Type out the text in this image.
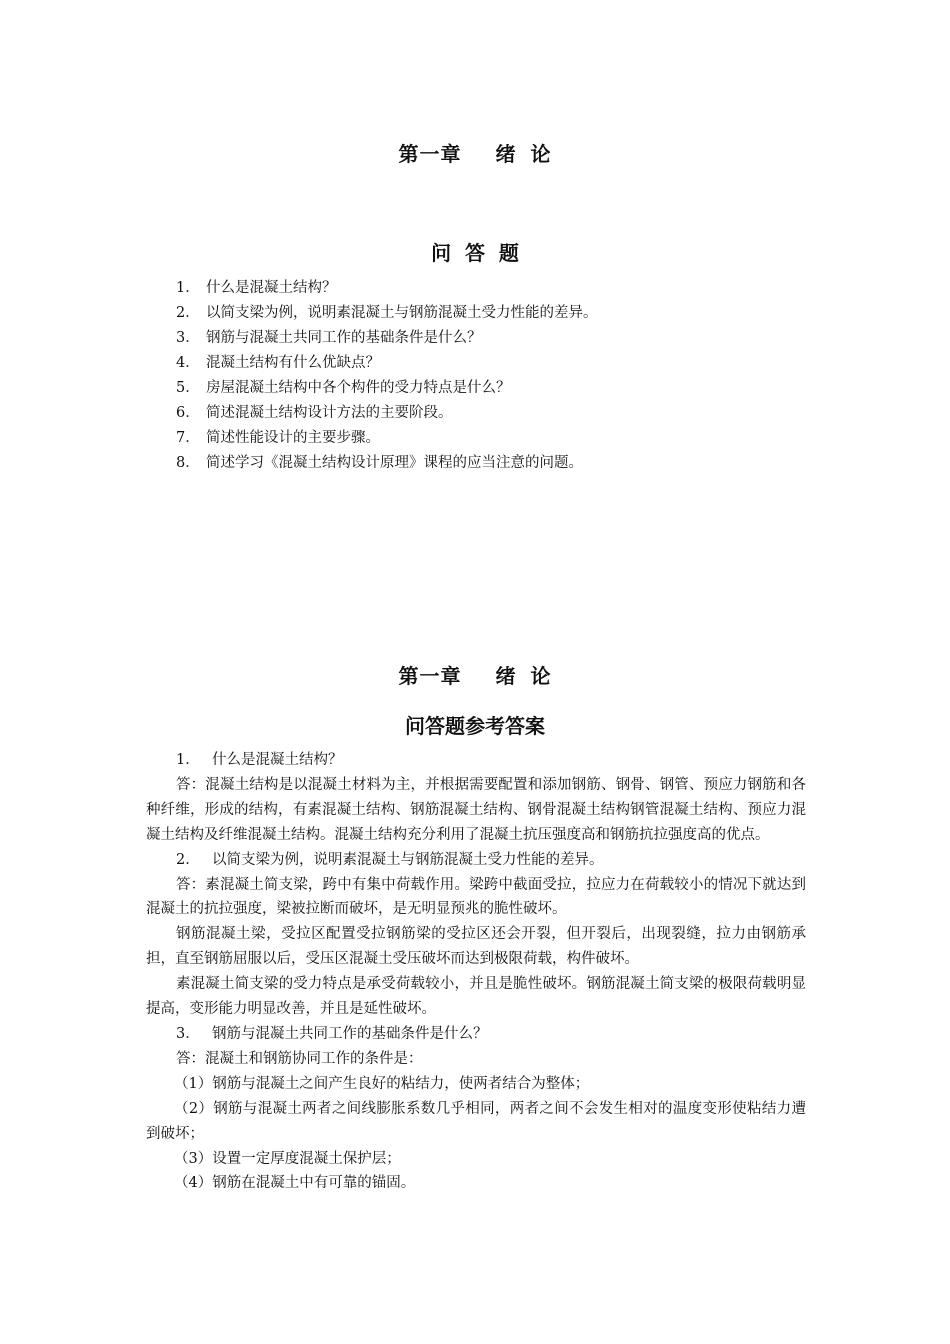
第一章 绪 论
问  答  题
1． 什么是混凝土结构？
2． 以简支梁为例，说明素混凝土与钢筋混凝土受力性能的差异。
3． 钢筋与混凝土共同工作的基础条件是什么？
4． 混凝土结构有什么优缺点？
5． 房屋混凝土结构中各个构件的受力特点是什么？
6． 简述混凝土结构设计方法的主要阶段。
7． 简述性能设计的主要步骤。
8． 简述学习《混凝土结构设计原理》课程的应当注意的问题。
第一章 绪 论
问答题参考答案

1． 什么是混凝土结构？

答：混凝土结构是以混凝土材料为主，并根据需要配置和添加钢筋、钢骨、钢管、预应力钢筋和各种纤维，形成的结构，有素混凝土结构、钢筋混凝土结构、钢骨混凝土结构钢管混凝土结构、预应力混凝土结构及纤维混凝土结构。混凝土结构充分利用了混凝土抗压强度高和钢筋抗拉强度高的优点。

2． 以简支梁为例，说明素混凝土与钢筋混凝土受力性能的差异。

答：素混凝土简支梁，跨中有集中荷载作用。梁跨中截面受拉，拉应力在荷载较小的情况下就达到混凝土的抗拉强度，梁被拉断而破坏，是无明显预兆的脆性破坏。

钢筋混凝土梁，受拉区配置受拉钢筋梁的受拉区还会开裂，但开裂后，出现裂缝，拉力由钢筋承担，直至钢筋屈服以后，受压区混凝土受压破坏而达到极限荷载，构件破坏。

素混凝土简支梁的受力特点是承受荷载较小，并且是脆性破坏。钢筋混凝土简支梁的极限荷载明显提高，变形能力明显改善，并且是延性破坏。

3． 钢筋与混凝土共同工作的基础条件是什么？

答：混凝土和钢筋协同工作的条件是：

（1）钢筋与混凝土之间产生良好的粘结力，使两者结合为整体；

（2）钢筋与混凝土两者之间线膨胀系数几乎相同，两者之间不会发生相对的温度变形使粘结力遭到破坏；

（3）设置一定厚度混凝土保护层；

（4）钢筋在混凝土中有可靠的锚固。
